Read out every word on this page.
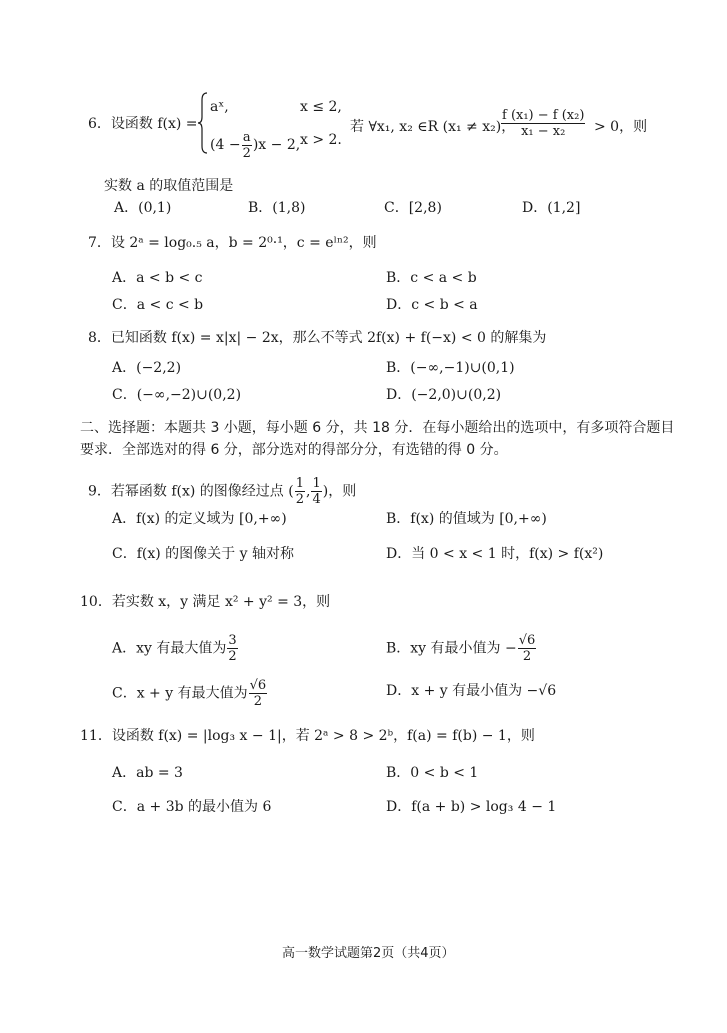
6．设函数 f(x) =
aˣ,	x ≤ 2,
$(4 - \frac{a}{2} )x - 2$, x > 2.
若 ∀x₁, x₂ ∈R (x₁ ≠ x₂)，
$\frac{\text{f (x₁) − f (x₂)}}{\text{x₁ − x₂}} > 0$，则
实数 a 的取值范围是
A．(0,1)	B．(1,8)	C．[2,8)	D．(1,2]
7．设 2ᵃ = log₀.₅ a，b = 2⁰·¹，c = eˡⁿ²，则
A．a < b < c	B．c < a < b
C．a < c < b	D．c < b < a
8．已知函数 f(x) = x|x| − 2x，那么不等式 2f(x) + f(−x) < 0 的解集为
A．(−2,2)	B．(−∞,−1)∪(0,1)
C．(−∞,−2)∪(0,2)	D．(−2,0)∪(0,2)
二、选择题：本题共 3 小题，每小题 6 分，共 18 分．在每小题给出的选项中，有多项符合题目要求．全部选对的得 6 分，部分选对的得部分分，有选错的得 0 分。
9．若幂函数 f(x) 的图像经过点 ( $\frac{1}{2}$ , $\frac{1}{4}$ )，则
A．f(x) 的定义域为 [0,+∞)	B．f(x) 的值域为 [0,+∞)
C．f(x) 的图像关于 y 轴对称	D．当 0 < x < 1 时，f(x) > f(x²)
10．若实数 x，y 满足 x² + y² = 3，则
A．xy 有最大值为 $\frac{3}{2}$	B．xy 有最小值为 − $\frac{√6}{2}$
C．x + y 有最大值为 $\frac{√6}{2}$	D．x + y 有最小值为 −√6
11．设函数 f(x) = |log₃ x − 1|，若 2ᵃ > 8 > 2ᵇ，f(a) = f(b) − 1，则
A．ab = 3	B．0 < b < 1
C．a + 3b 的最小值为 6	D．f(a + b) > log₃ 4 − 1
高一数学试题第2页（共4页）
